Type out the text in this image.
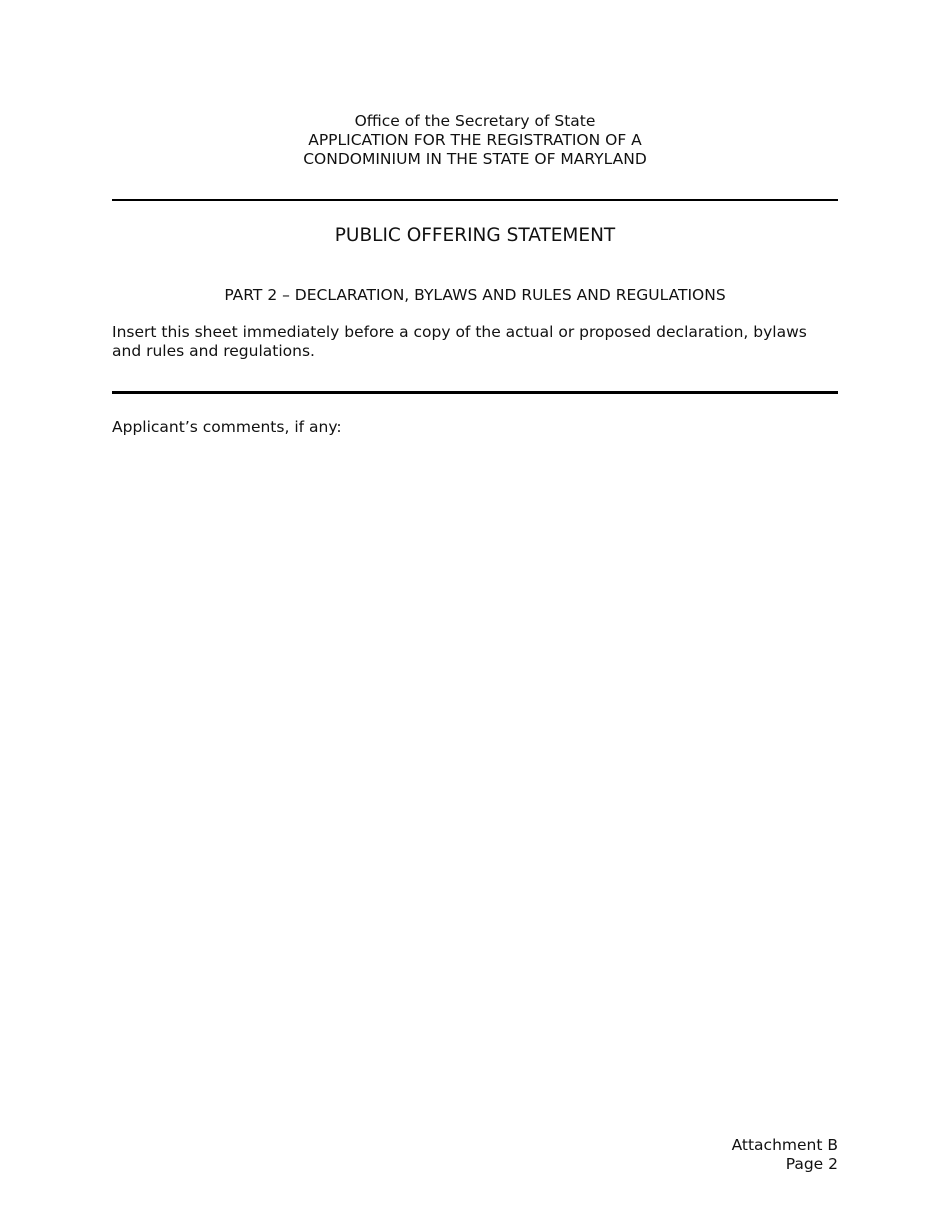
Office of the Secretary of State
APPLICATION FOR THE REGISTRATION OF A
CONDOMINIUM IN THE STATE OF MARYLAND
PUBLIC OFFERING STATEMENT
PART 2 – DECLARATION, BYLAWS AND RULES AND REGULATIONS
Insert this sheet immediately before a copy of the actual or proposed declaration, bylaws and rules and regulations.
Applicant’s comments, if any:
Attachment B
Page 2
